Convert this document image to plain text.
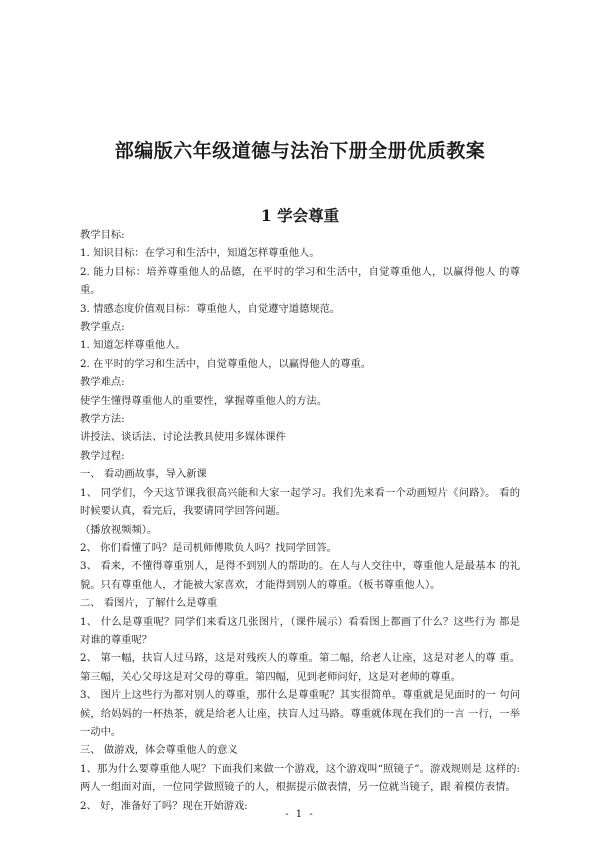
部编版六年级道德与法治下册全册优质教案
1 学会尊重

教学目标:

1. 知识目标：在学习和生活中，知道怎样尊重他人。

2. 能力目标：培养尊重他人的品德，在平时的学习和生活中，自觉尊重他人，以赢得他人 的尊重。

3. 情感态度价值观目标：尊重他人，自觉遵守道德规范。

教学重点:

1. 知道怎样尊重他人。

2. 在平时的学习和生活中，自觉尊重他人，以赢得他人的尊重。

教学难点:

使学生懂得尊重他人的重要性，掌握尊重他人的方法。

教学方法:

讲授法、谈话法、讨论法教具使用多媒体课件

教学过程:

一、 看动画故事，导入新课

1、 同学们，今天这节课我很高兴能和大家一起学习。我们先来看一个动画短片《问路》。 看的时候要认真，看完后，我要请同学回答问题。

（播放视频频）。

2、 你们看懂了吗？是司机师傅欺负人吗？找同学回答。

3、 看来，不懂得尊重别人，是得不到别人的帮助的。在人与人交往中，尊重他人是最基本 的礼貌。只有尊重他人，才能被大家喜欢，才能得到别人的尊重。（板书尊重他人）。

二、 看图片，了解什么是尊重

1、 什么是尊重呢？同学们来看这几张图片，（课件展示）看看图上都画了什么？这些行为 都是对谁的尊重呢？

2、 第一幅，扶盲人过马路，这是对残疾人的尊重。第二幅，给老人让座，这是对老人的尊 重。第三幅，关心父母这是对父母的尊重。第四幅，见到老师问好，这是对老师的尊重。

3、 图片上这些行为都对别人的尊重，那什么是尊重呢？其实很简单。尊重就是见面时的一 句问候，给妈妈的一杯热茶，就是给老人让座，扶盲人过马路。尊重就体现在我们的一言 一行，一举一动中。

三、 做游戏，体会尊重他人的意义

1、那为什么要尊重他人呢？下面我们来做一个游戏，这个游戏叫“照镜子”。游戏规则是 这样的:两人一组面对面，一位同学做照镜子的人，根据提示做表情，另一位就当镜子，跟 着模仿表情。

2、 好，准备好了吗？现在开始游戏:

- 1 -
